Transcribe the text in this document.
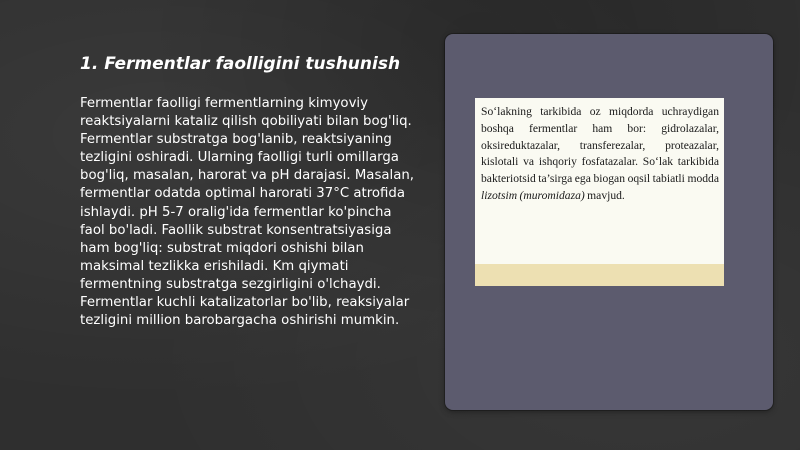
1. Fermentlar faolligini tushunish

Fermentlar faolligi fermentlarning kimyoviy reaktsiyalarni kataliz qilish qobiliyati bilan bog'liq. Fermentlar substratga bog'lanib, reaktsiyaning tezligini oshiradi. Ularning faolligi turli omillarga bog'liq, masalan, harorat va pH darajasi. Masalan, fermentlar odatda optimal harorati 37°C atrofida ishlaydi. pH 5-7 oralig'ida fermentlar ko'pincha faol bo'ladi. Faollik substrat konsentratsiyasiga ham bog'liq: substrat miqdori oshishi bilan maksimal tezlikka erishiladi. Km qiymati fermentning substratga sezgirligini o'lchaydi. Fermentlar kuchli katalizatorlar bo'lib, reaksiyalar tezligini million barobargacha oshirishi mumkin.

So‘lakning tarkibida oz miqdorda uchraydigan boshqa fermentlar ham bor: gidrolazalar, oksireduktazalar, transferezalar, proteazalar, kislotali va ishqoriy fosfatazalar. So‘lak tarkibida bakteriotsid ta’sirga ega biogan oqsil tabiatli modda lizotsim (muromidaza) mavjud.
